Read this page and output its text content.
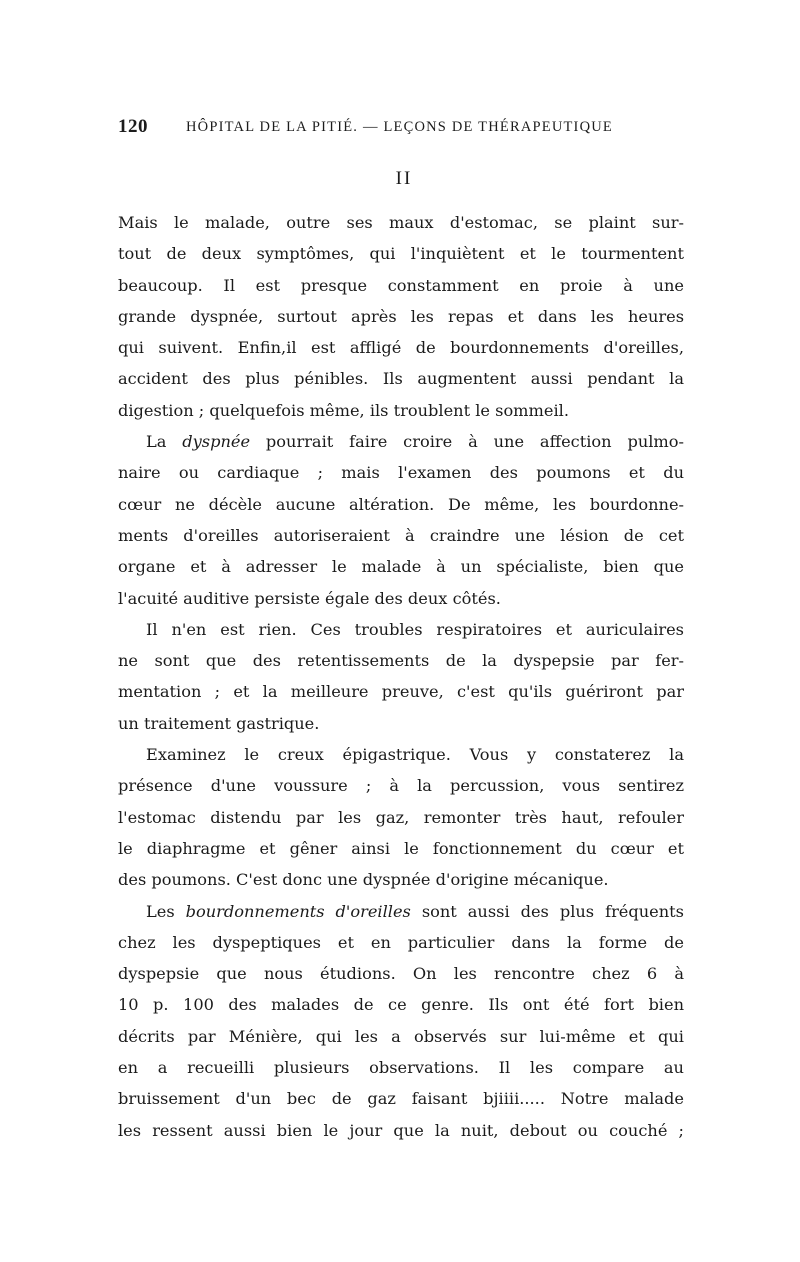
120	HÔPITAL DE LA PITIÉ. — LEÇONS DE THÉRAPEUTIQUE
II
Mais le malade, outre ses maux d'estomac, se plaint sur-
tout de deux symptômes, qui l'inquiètent et le tourmentent
beaucoup. Il est presque constamment en proie à une
grande dyspnée, surtout après les repas et dans les heures
qui suivent. Enfin,il est affligé de bourdonnements d'oreilles,
accident des plus pénibles. Ils augmentent aussi pendant la
digestion ; quelquefois même, ils troublent le sommeil.
La dyspnée pourrait faire croire à une affection pulmo-
naire ou cardiaque ; mais l'examen des poumons et du
cœur ne décèle aucune altération. De même, les bourdonne-
ments d'oreilles autoriseraient à craindre une lésion de cet
organe et à adresser le malade à un spécialiste, bien que
l'acuité auditive persiste égale des deux côtés.
Il n'en est rien. Ces troubles respiratoires et auriculaires
ne sont que des retentissements de la dyspepsie par fer-
mentation ; et la meilleure preuve, c'est qu'ils guériront par
un traitement gastrique.
Examinez le creux épigastrique. Vous y constaterez la
présence d'une voussure ; à la percussion, vous sentirez
l'estomac distendu par les gaz, remonter très haut, refouler
le diaphragme et gêner ainsi le fonctionnement du cœur et
des poumons. C'est donc une dyspnée d'origine mécanique.
Les bourdonnements d'oreilles sont aussi des plus fréquents
chez les dyspeptiques et en particulier dans la forme de
dyspepsie que nous étudions. On les rencontre chez 6 à
10 p. 100 des malades de ce genre. Ils ont été fort bien
décrits par Ménière, qui les a observés sur lui-même et qui
en a recueilli plusieurs observations. Il les compare au
bruissement d'un bec de gaz faisant bjiiii..... Notre malade
les ressent aussi bien le jour que la nuit, debout ou couché ;
